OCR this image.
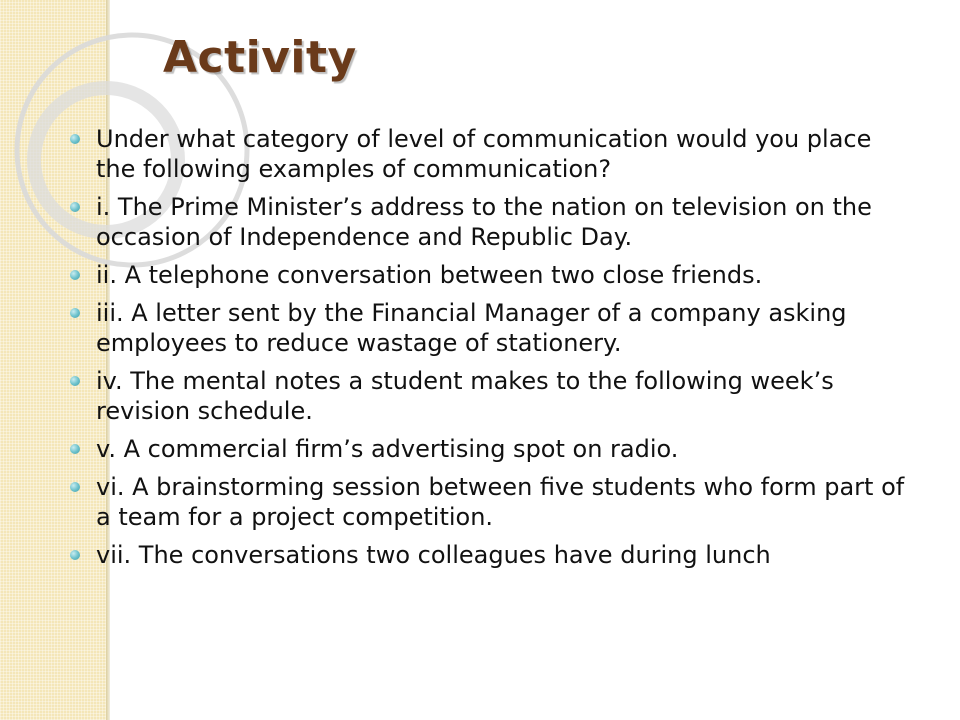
Activity
Under what category of level of communication would you place the following examples of communication?
i. The Prime Minister’s address to the nation on television on the occasion of Independence and Republic Day.
ii. A telephone conversation between two close friends.
iii. A letter sent by the Financial Manager of a company asking employees to reduce wastage of stationery.
iv. The mental notes a student makes to the following week’s revision schedule.
v. A commercial firm’s advertising spot on radio.
vi. A brainstorming session between five students who form part of a team for a project competition.
vii. The conversations two colleagues have during lunch
